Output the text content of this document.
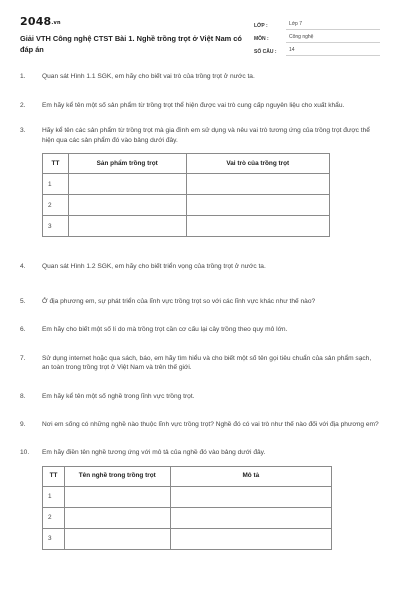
2048.vn
Giải VTH Công nghệ CTST Bài 1. Nghề trồng trọt ở Việt Nam có đáp án
LỚP :	Lớp 7
MÔN :	Công nghệ
SỐ CÂU :	14
1.	Quan sát Hình 1.1 SGK, em hãy cho biết vai trò của trồng trọt ở nước ta.
2.	Em hãy kể tên một số sản phẩm từ trồng trọt thể hiện được vai trò cung cấp nguyên liệu cho xuất khẩu.
3.	Hãy kể tên các sản phẩm từ trồng trọt mà gia đình em sử dụng và nêu vai trò tương ứng của trồng trọt được thể hiện qua các sản phẩm đó vào bảng dưới đây.
TT	Sản phẩm trồng trọt	Vai trò của trồng trọt
1		
2		
3		
4.	Quan sát Hình 1.2 SGK, em hãy cho biết triển vọng của trồng trọt ở nước ta.
5.	Ở địa phương em, sự phát triển của lĩnh vực trồng trọt so với các lĩnh vực khác như thế nào?
6.	Em hãy cho biết một số lí do mà trồng trọt cần cơ cấu lại cây trồng theo quy mô lớn.
7.	Sử dụng internet hoặc qua sách, báo, em hãy tìm hiểu và cho biết một số tên gọi tiêu chuẩn của sản phẩm sạch, an toàn trong trồng trọt ở Việt Nam và trên thế giới.
8.	Em hãy kể tên một số nghề trong lĩnh vực trồng trọt.
9.	Nơi em sống có những nghề nào thuộc lĩnh vực trồng trọt? Nghề đó có vai trò như thế nào đối với địa phương em?
10.	Em hãy điền tên nghề tương ứng với mô tả của nghề đó vào bảng dưới đây.
TT	Tên nghề trong trồng trọt	Mô tả
1		
2		
3		
